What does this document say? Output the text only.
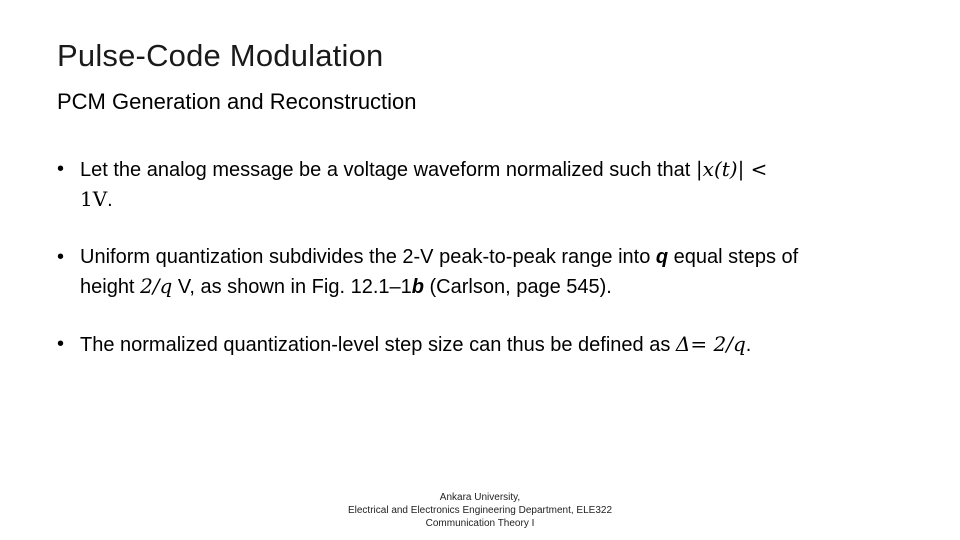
Pulse-Code Modulation
PCM Generation and Reconstruction
• Let the analog message be a voltage waveform normalized such that |x(t)| <
1V.
• Uniform quantization subdivides the 2-V peak-to-peak range into q equal steps of height 2/q V, as shown in Fig. 12.1–1b (Carlson, page 545).
• The normalized quantization-level step size can thus be defined as Δ= 2/q.
Ankara University,
Electrical and Electronics Engineering Department, ELE322
Communication Theory I
